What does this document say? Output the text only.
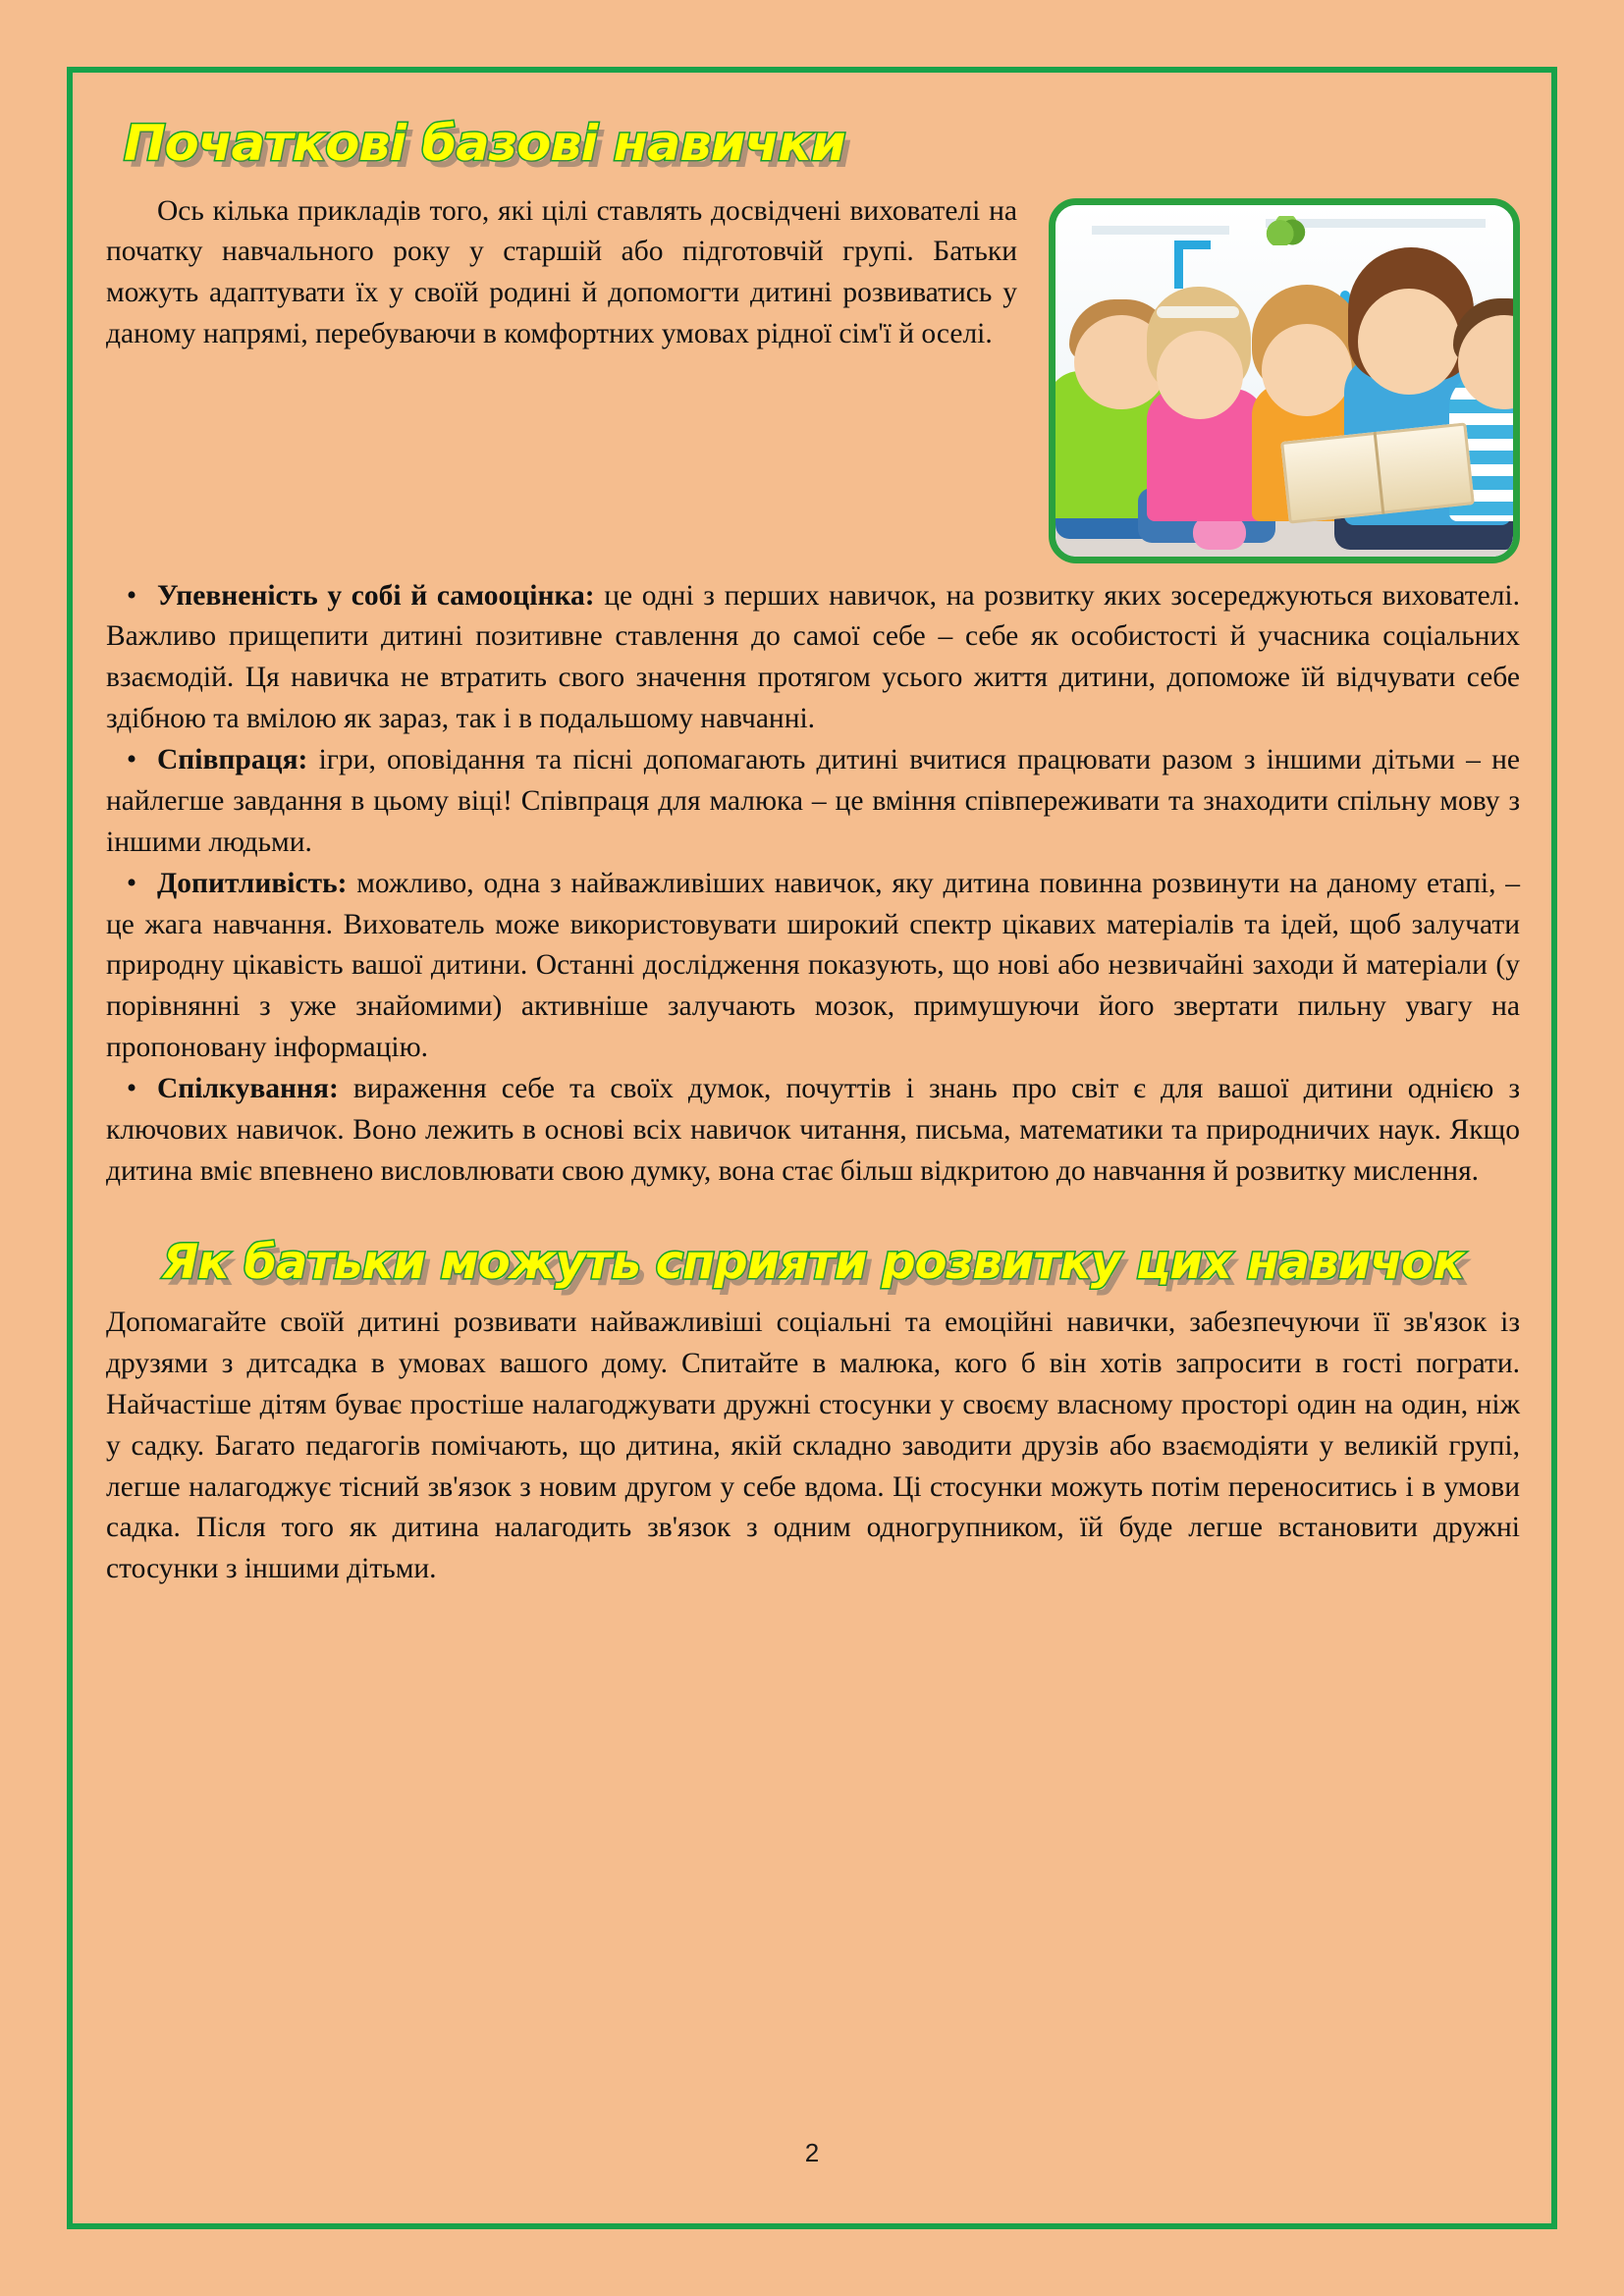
Початкові базові навички

Ось кілька прикладів того, які цілі ставлять досвідчені вихователі на початку навчального року у старшій або підготовчій групі. Батьки можуть адаптувати їх у своїй родині й допомогти дитині розвиватись у даному напрямі, перебуваючи в комфортних умовах рідної сім'ї й оселі.

• Упевненість у собі й самооцінка: це одні з перших навичок, на розвитку яких зосереджуються вихователі. Важливо прищепити дитині позитивне ставлення до самої себе – себе як особистості й учасника соціальних взаємодій. Ця навичка не втратить свого значення протягом усього життя дитини, допоможе їй відчувати себе здібною та вмілою як зараз, так і в подальшому навчанні.
• Співпраця: ігри, оповідання та пісні допомагають дитині вчитися працювати разом з іншими дітьми – не найлегше завдання в цьому віці! Співпраця для малюка – це вміння співпереживати та знаходити спільну мову з іншими людьми.
• Допитливість: можливо, одна з найважливіших навичок, яку дитина повинна розвинути на даному етапі, – це жага навчання. Вихователь може використовувати широкий спектр цікавих матеріалів та ідей, щоб залучати природну цікавість вашої дитини. Останні дослідження показують, що нові або незвичайні заходи й матеріали (у порівнянні з уже знайомими) активніше залучають мозок, примушуючи його звертати пильну увагу на пропоновану інформацію.
• Спілкування: вираження себе та своїх думок, почуттів і знань про світ є для вашої дитини однією з ключових навичок. Воно лежить в основі всіх навичок читання, письма, математики та природничих наук. Якщо дитина вміє впевнено висловлювати свою думку, вона стає більш відкритою до навчання й розвитку мислення.
Як батьки можуть сприяти розвитку цих навичок

Допомагайте своїй дитині розвивати найважливіші соціальні та емоційні навички, забезпечуючи її зв'язок із друзями з дитсадка в умовах вашого дому. Спитайте в малюка, кого б він хотів запросити в гості пограти. Найчастіше дітям буває простіше налагоджувати дружні стосунки у своєму власному просторі один на один, ніж у садку. Багато педагогів помічають, що дитина, якій складно заводити друзів або взаємодіяти у великій групі, легше налагоджує тісний зв'язок з новим другом у себе вдома. Ці стосунки можуть потім переноситись і в умови садка. Після того як дитина налагодить зв'язок з одним одногрупником, їй буде легше встановити дружні стосунки з іншими дітьми.

2
